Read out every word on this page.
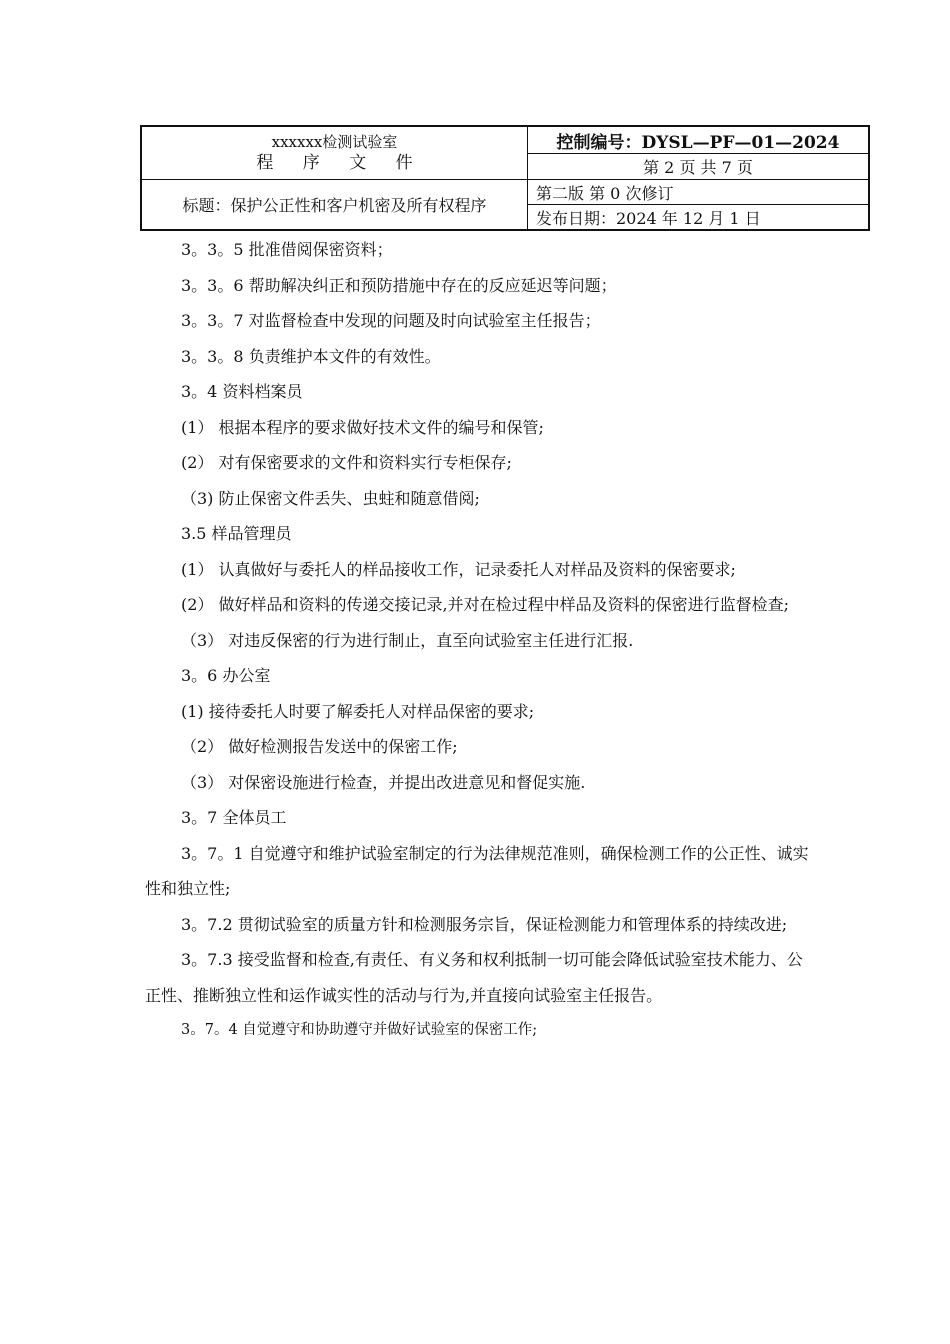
xxxxxx检测试验室
程 序 文 件
标题：保护公正性和客户机密及所有权程序
控制编号：DYSL—PF—01—2024
第 2 页 共 7 页
第二版 第 0 次修订
发布日期：2024 年 12 月 1 日

3。3。5 批准借阅保密资料；

3。3。6 帮助解决纠正和预防措施中存在的反应延迟等问题；

3。3。7 对监督检查中发现的问题及时向试验室主任报告；

3。3。8 负责维护本文件的有效性。

3。4 资料档案员

(1） 根据本程序的要求做好技术文件的编号和保管;

(2） 对有保密要求的文件和资料实行专柜保存;

（3) 防止保密文件丢失、虫蛀和随意借阅;

3.5 样品管理员

(1） 认真做好与委托人的样品接收工作，记录委托人对样品及资料的保密要求;

(2） 做好样品和资料的传递交接记录,并对在检过程中样品及资料的保密进行监督检查;

（3） 对违反保密的行为进行制止，直至向试验室主任进行汇报.

3。6 办公室

(1) 接待委托人时要了解委托人对样品保密的要求;

（2） 做好检测报告发送中的保密工作;

（3） 对保密设施进行检查，并提出改进意见和督促实施.

3。7 全体员工

3。7。1 自觉遵守和维护试验室制定的行为法律规范准则，确保检测工作的公正性、诚实性和独立性;

3。7.2 贯彻试验室的质量方针和检测服务宗旨，保证检测能力和管理体系的持续改进;

3。7.3 接受监督和检查,有责任、有义务和权利抵制一切可能会降低试验室技术能力、公正性、推断独立性和运作诚实性的活动与行为,并直接向试验室主任报告。

3。7。4 自觉遵守和协助遵守并做好试验室的保密工作;
